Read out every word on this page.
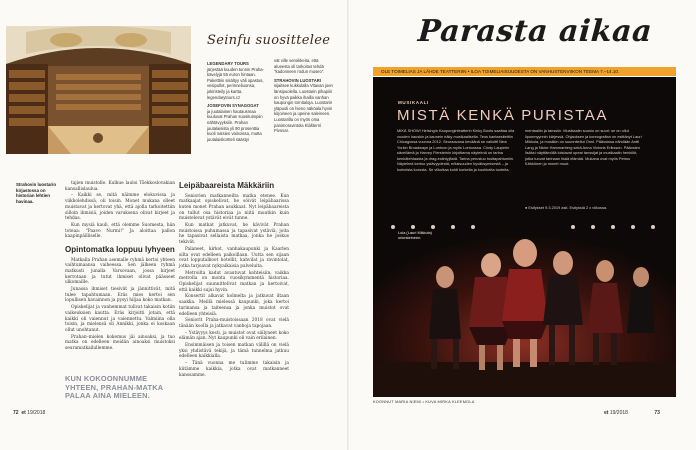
Seinfu suosittelee
LEGENDARY TOURS
järjestää kuuden tunnin Praha-kävelyjä 55 euron hintaan. Paketttiin sisältyy väli opastus, vesipullot, perinneliuonsa, jokiristeily ja kartta. legendarytours.cz
JOSEFOVIN SYNAGOGAT
ja juutalainen hautausmaa kuuluvat Prahan suosituimpiin nähtävyyksiin. Prahan juutalaisista yli 90 prosenttia kuoli natsien vainoissa, mutta juutalaiskortteli säästyi
vät ville veroikkeita, että alueesta oli tarkoitus tehdä "kadonneen rodun museo".
STRAHOVIN LUOSTARI
sijaitsee kukkulalla Vltavan joen länsipuolella. Luostarin pihapiiri on hyvä paikka ihailla vanhan kaupungin tornitaloja. Luostarin yläpuoli on hieno näköala hyvin kirjoineen ja upeine saleineen. Luostarilla on myös oma panimoravintola Klášterní Pivovar.
Strahovin luostarin kirjastossa on historian lehtien havinaa.

tajien muistolle. Kulkue lauloi Tšekkoslovakian kansallislaulua.

– Kaikki se, mitä näimme elokuvissa ja viikkolehdissä, oli toisin. Monet mukana olleet muistavat ja kertovat yhä, että ajolla tarkoitettiin silloin ihmisiä, joiden varuksena olivat kirjeet ja tehdas.

Kun mysiä kauli, että olemme Suomesta, hän toteaa: "Paavo Nurmi!" Ja aloittaa pallon kaapinpäilliselle.

Opintomatka loppuu lyhyeen

Matkalla Prahan asemalle ryhmä kertoi yhteen vaihtumaansa vaiheessa. Sen jälkeen ryhmä matkusti junalla Varsovaan, jossa kirjeet kerrotaan ja tutut ihmiset olivat päässeet ulkomaille.

Junassa ihmiset tiesivät ja jännittivät, mitä tulee tapahtumaan. Eräs mies kertoi sen lopullisen havainnon ja pysyi hiljaa koko matkan.

Opiskelijat ja vanhemmat tulivat takaisin kotiin vaikeuksien kautta. Eräs kirjoitti jotain, että kaikki oli vaiennut ja vaiennettu. Valmiina olla toisin, ja mielensä oli Annikki, jonka ei koskaan ollut unohtanut.

Prahan–mielen kokemus jäi ainoaksi, ja tuo matka on edelleen meidän ainoaksi muistoksi seuramatkailullemme.

KUN KOKOONNUMME YHTEEN, PRAHAN-MATKA PALAA AINA MIELEEN.
Leipäbaareista Mäkkäriin

Seniorien matkanneilta matka etenee. Kun matkaajat opiskelivat, he söivät leipäbaarissa kuten monet Prahan asukkaat. Nyt leipäbaareista on tullut osa historiaa ja niitä muutkin kuin muistelevat ystävät eivät tunne.

Kun matkat jatkuvat, he kävivät Prahan muistoissa puhumassa ja tapasivat ystäviä, joita he tapasivat sellaista matkaa, jonka he joskus tekivät.

Palaneet, kirkot, vanhakaupunki ja Kaarlen silta ovat edelleen paikoillaan. Uutta sen sijaan ovat lopputalkoot hotellit, kahvilat ja ravintolat, jotka tarjoavat nykyaikaisia palveluita.

Metroilta kadut avautuvat kohteisiin, vaikka metrolla on monta vuosikymmentä historiaa. Opiskelijat suunnittelivat matkan ja kertoivat, että kaikki sujui hyvin.

Konsertit alkavat kolmelta ja jatkuvat iltaan saakka. Meillä mielessä kaupunki, joka kertoi tarinansa ja taiteensa ja jonka muistot ovat edelleen yhteisiä.

Seniorit Praha-muistoissaan 2018 ovat vielä tänään koolla ja jatkavat vanhoja tapojaan.

– Ystävyys kesti, ja muistot ovat säilyneet koko elämän ajan. Nyt kaupunki oli vain erilainen.

Ensimmäisen ja toisen matkan välillä on vielä yksi yhdistävä tekijä, ja tämä tunnelma jatkuu edelleen kaikkialla.

– Tänä vuonna me tulimme takaisin ja kiitämme kaikkia, jotka ovat matkanneet kanssamme.

72 et 19/2018
Parasta aikaa
OLE TOIMELIAS JA LÄHDE TEATTERIIN • ILOA TOIMELIAISUUDESTA ON VANHUSTENVIIKON TEEMA 7.–14.10.
MUSIKAALI
MISTÄ KENKÄ PURISTAA
MIKÄ SHOW! Helsingin Kaupunginteatterin Kinky Boots saattaa olla vuoden hauskin ja kaunein näky musikaalisella. Teos kantaesitettiin Chicagossa vuonna 2012. Seuraavana keväänä se valloitti New Yorkin Broadwayn ja Lontoon ja myös Lontoossa. Cindy Lauperin sävellämä ja Harvey Fiersteinin kirjoittama näytelmä on tarina kenkätehtaasta ja drag-esiintyjästä. Tarina perustuu tositapahtumiin. Näytelmä kertoo ystävyydestä, erilaisuuden hyväksymisestä – ja korkeista korosta. Se vilkuttaa kohti korkeita ja kuohkeita tunteita.
mentaaliin ja tanssiin. Musikaalin suosio on suuri: se on ollut lipunmyynnin kärjessä. Ohjauksen ja koreografian on esittänyt Lauri Mikkola, ja musiikin on suunnitellut Onni. Pääosissa nähdään Antti Lang ja Nicke Hammarberg sekä Anna Victoria Eriksson. Pääosien lisäksi näyttämöllä loistavat upeat tanssijat ja musikaalin henkilöt, jotka tuovat tarinaan lisää elämää. Mukana ovat myös Petrus Kähkönen ja monet muut.
● Esitykset 9.3.2019 asti. Esityksiä 2 x viikossa.
Lola (Lauri Mikkola) orkesteineen.
KOONNUT MARIA NIEMI • KUVA MIRKA KLEEMOLA
et 19/2018	73
